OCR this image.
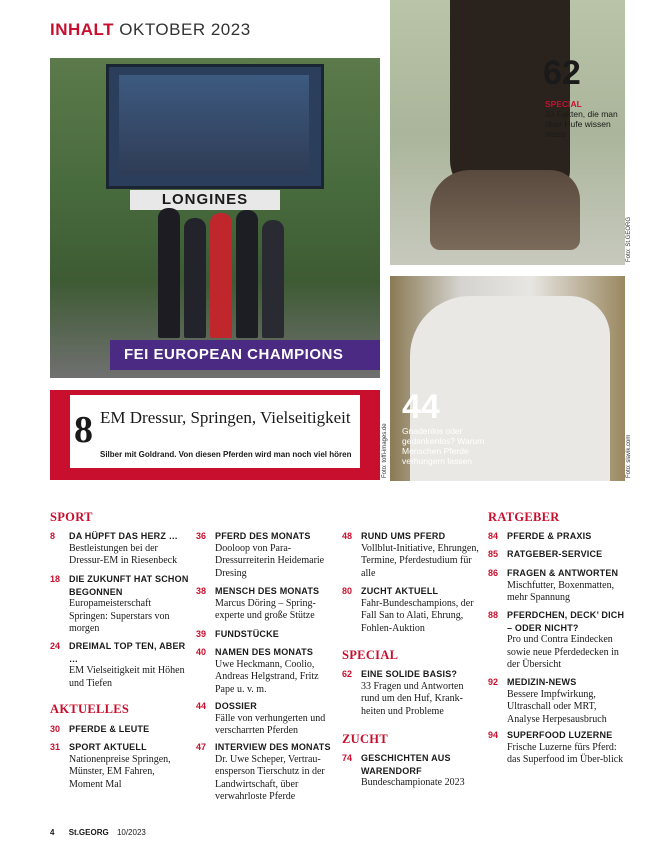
INHALT OKTOBER 2023
LONGINES
FEI EUROPEAN CHAMPIONS
62
SPECIAL
33 Fakten, die man über Hufe wissen muss
Foto: St.GEORG
44
Gnadenlos oder gedankenlos? Warum Menschen Pferde verhungern lassen	Foto: slavik.com
Foto: toffi-images.de
8 EM Dressur, Springen, Vielseitigkeit
Silber mit Goldrand. Von diesen Pferden wird man noch viel hören
SPORT
8 DA HÜPFT DAS HERZ …
Bestleistungen bei der Dressur-EM in Riesenbeck
18 DIE ZUKUNFT HAT SCHON BEGONNEN
Europameisterschaft Springen: Superstars von morgen
24 DREIMAL TOP TEN, ABER …
EM Vielseitigkeit mit Höhen und Tiefen
AKTUELLES
30 PFERDE & LEUTE
31 SPORT AKTUELL
Nationenpreise Springen, Münster, EM Fahren, Moment Mal
36 PFERD DES MONATS
Dooloop von Para-Dressurreiterin Heidemarie Dresing
38 MENSCH DES MONATS
Marcus Döring – Spring-experte und große Stütze
39 FUNDSTÜCKE
40 NAMEN DES MONATS
Uwe Heckmann, Coolio, Andreas Helgstrand, Fritz Pape u. v. m.
44 DOSSIER
Fälle von verhungerten und verscharrten Pferden
47 INTERVIEW DES MONATS
Dr. Uwe Scheper, Vertrau-ensperson Tierschutz in der Landwirtschaft, über verwahrloste Pferde
48 RUND UMS PFERD
Vollblut-Initiative, Ehrungen, Termine, Pferdestudium für alle
80 ZUCHT AKTUELL
Fahr-Bundeschampions, der Fall San to Alati, Ehrung, Fohlen-Auktion
SPECIAL
62 EINE SOLIDE BASIS?
33 Fragen und Antworten rund um den Huf, Krank-heiten und Probleme
ZUCHT
74 GESCHICHTEN AUS WARENDORF
Bundeschampionate 2023
RATGEBER
84 PFERDE & PRAXIS
85 RATGEBER-SERVICE
86 FRAGEN & ANTWORTEN
Mischfutter, Boxenmatten, mehr Spannung
88 PFERDCHEN, DECK’ DICH – ODER NICHT?
Pro und Contra Eindecken sowie neue Pferdedecken in der Übersicht
92 MEDIZIN-NEWS
Bessere Impfwirkung, Ultraschall oder MRT, Analyse Herpesausbruch
94 SUPERFOOD LUZERNE
Frische Luzerne fürs Pferd: das Superfood im Über-blick
4 St.GEORG 10/2023
